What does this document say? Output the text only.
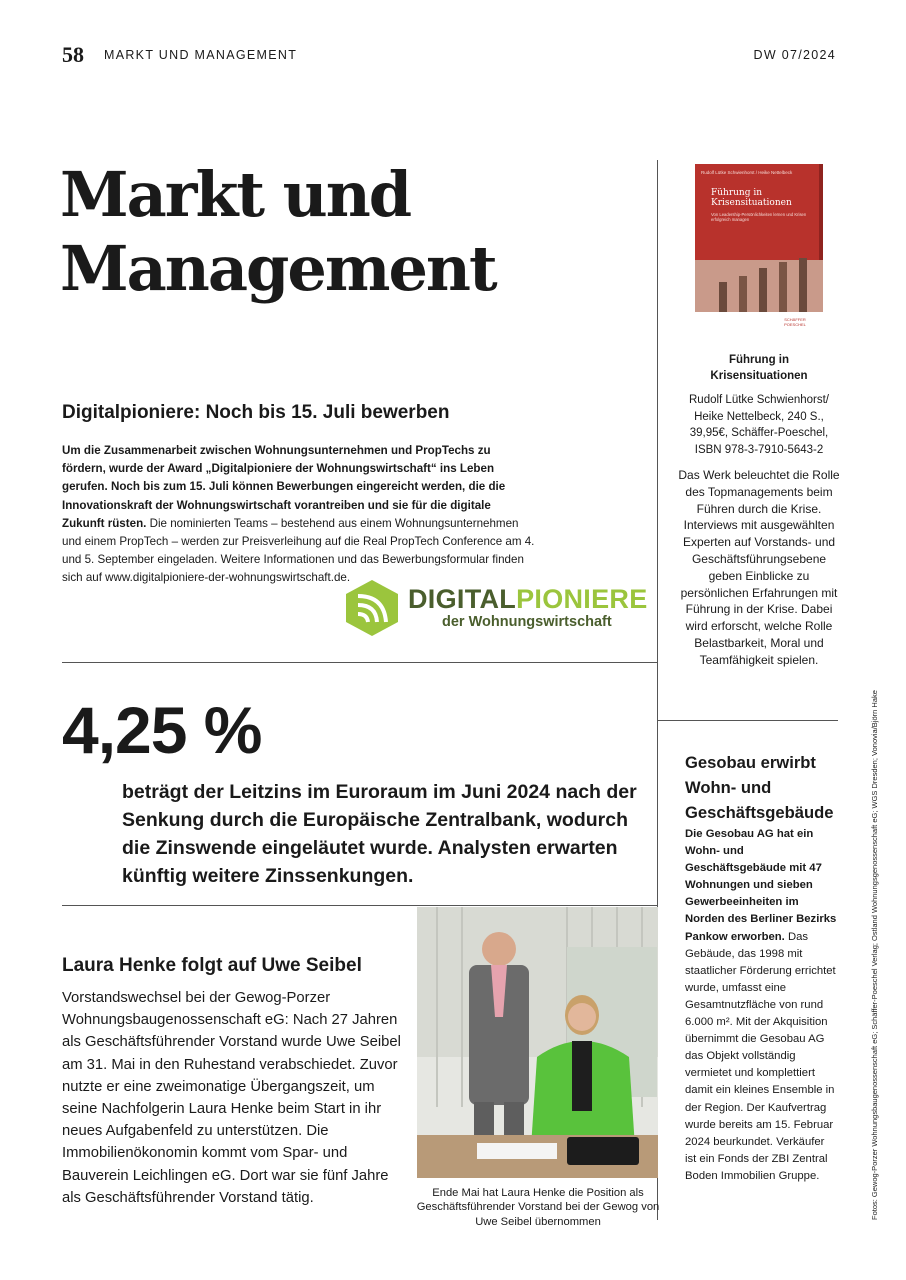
58 MARKT UND MANAGEMENT	DW 07/2024
Markt und
Management
Digitalpioniere: Noch bis 15. Juli bewerben
Um die Zusammenarbeit zwischen Wohnungsunternehmen und PropTechs zu fördern, wurde der Award „Digitalpioniere der Wohnungswirtschaft“ ins Leben gerufen. Noch bis zum 15. Juli können Bewerbungen eingereicht werden, die die Innovationskraft der Wohnungswirtschaft vorantreiben und sie für die digitale Zukunft rüsten. Die nominierten Teams – bestehend aus einem Wohnungsunternehmen und einem PropTech – werden zur Preisverleihung auf die Real PropTech Conference am 4. und 5. September eingeladen. Weitere Informationen und das Bewerbungsformular finden sich auf www.digitalpioniere-der-wohnungswirtschaft.de.
DIGITALPIONIERE
der Wohnungswirtschaft
4,25 %
beträgt der Leitzins im Euroraum im Juni 2024 nach der Senkung durch die Europäische Zentralbank, wodurch die Zinswende eingeläutet wurde. Analysten erwarten künftig weitere Zinssenkungen.
Laura Henke folgt auf Uwe Seibel
Vorstandswechsel bei der Gewog-Porzer Wohnungsbaugenossenschaft eG: Nach 27 Jahren als Geschäftsführender Vorstand wurde Uwe Seibel am 31. Mai in den Ruhestand verabschiedet. Zuvor nutzte er eine zweimonatige Übergangszeit, um seine Nachfolgerin Laura Henke beim Start in ihr neues Aufgabenfeld zu unterstützen. Die Immobilienökonomin kommt vom Spar- und Bauverein Leichlingen eG. Dort war sie fünf Jahre als Geschäftsführender Vorstand tätig.	Ende Mai hat Laura Henke die Position als Geschäftsführender Vorstand bei der Gewog von Uwe Seibel übernommen
Rudolf Lütke Schwienhorst / Heike Nettelbeck
Führung in Krisensituationen
Von Leadership-Persönlichkeiten lernen und Krisen erfolgreich managen
SCHÄFFER POESCHEL
Führung in Krisensituationen
Rudolf Lütke Schwienhorst/ Heike Nettelbeck, 240 S., 39,95€, Schäffer-Poeschel, ISBN 978-3-7910-5643-2
Das Werk beleuchtet die Rolle des Topmanagements beim Führen durch die Krise. Interviews mit ausgewählten Experten auf Vorstands- und Geschäftsführungsebene geben Einblicke zu persönlichen Erfahrungen mit Führung in der Krise. Dabei wird erforscht, welche Rolle Belastbarkeit, Moral und Teamfähigkeit spielen.
Gesobau erwirbt Wohn- und Geschäftsgebäude
Die Gesobau AG hat ein Wohn- und Geschäftsgebäude mit 47 Wohnungen und sieben Gewerbeeinheiten im Norden des Berliner Bezirks Pankow erworben. Das Gebäude, das 1998 mit staatlicher Förderung errichtet wurde, umfasst eine Gesamtnutzfläche von rund 6.000 m². Mit der Akquisition übernimmt die Gesobau AG das Objekt vollständig vermietet und komplettiert damit ein kleines Ensemble in der Region. Der Kaufvertrag wurde bereits am 15. Februar 2024 beurkundet. Verkäufer ist ein Fonds der ZBI Zentral Boden Immobilien Gruppe.	Fotos: Gewog-Porzer Wohnungsbaugenossenschaft eG; Schäffer-Poeschel Verlag; Ostland Wohnungsgenossenschaft eG; WGS Dresden; Vonovia/Björn Hake
